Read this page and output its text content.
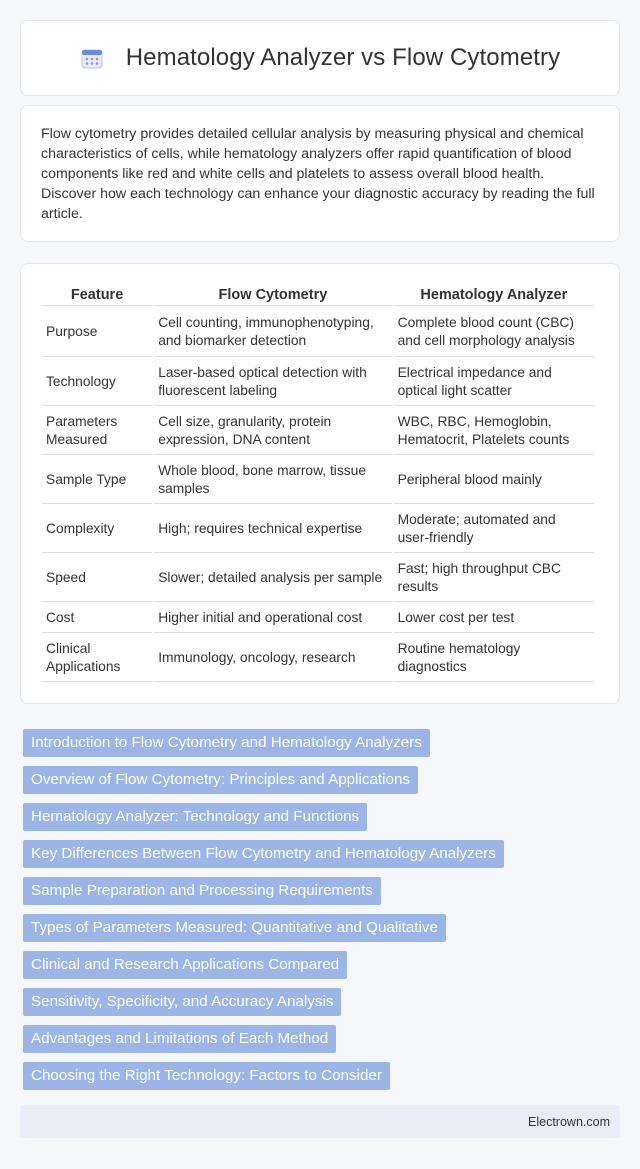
Hematology Analyzer vs Flow Cytometry

Flow cytometry provides detailed cellular analysis by measuring physical and chemical characteristics of cells, while hematology analyzers offer rapid quantification of blood components like red and white cells and platelets to assess overall blood health. Discover how each technology can enhance your diagnostic accuracy by reading the full article.

Feature	Flow Cytometry	Hematology Analyzer
Purpose	Cell counting, immunophenotyping, and biomarker detection	Complete blood count (CBC) and cell morphology analysis
Technology	Laser-based optical detection with fluorescent labeling	Electrical impedance and optical light scatter
Parameters Measured	Cell size, granularity, protein expression, DNA content	WBC, RBC, Hemoglobin, Hematocrit, Platelets counts
Sample Type	Whole blood, bone marrow, tissue samples	Peripheral blood mainly
Complexity	High; requires technical expertise	Moderate; automated and user-friendly
Speed	Slower; detailed analysis per sample	Fast; high throughput CBC results
Cost	Higher initial and operational cost	Lower cost per test
Clinical Applications	Immunology, oncology, research	Routine hematology diagnostics
Introduction to Flow Cytometry and Hematology Analyzers
Overview of Flow Cytometry: Principles and Applications
Hematology Analyzer: Technology and Functions
Key Differences Between Flow Cytometry and Hematology Analyzers
Sample Preparation and Processing Requirements
Types of Parameters Measured: Quantitative and Qualitative
Clinical and Research Applications Compared
Sensitivity, Specificity, and Accuracy Analysis
Advantages and Limitations of Each Method
Choosing the Right Technology: Factors to Consider
Electrown.com
